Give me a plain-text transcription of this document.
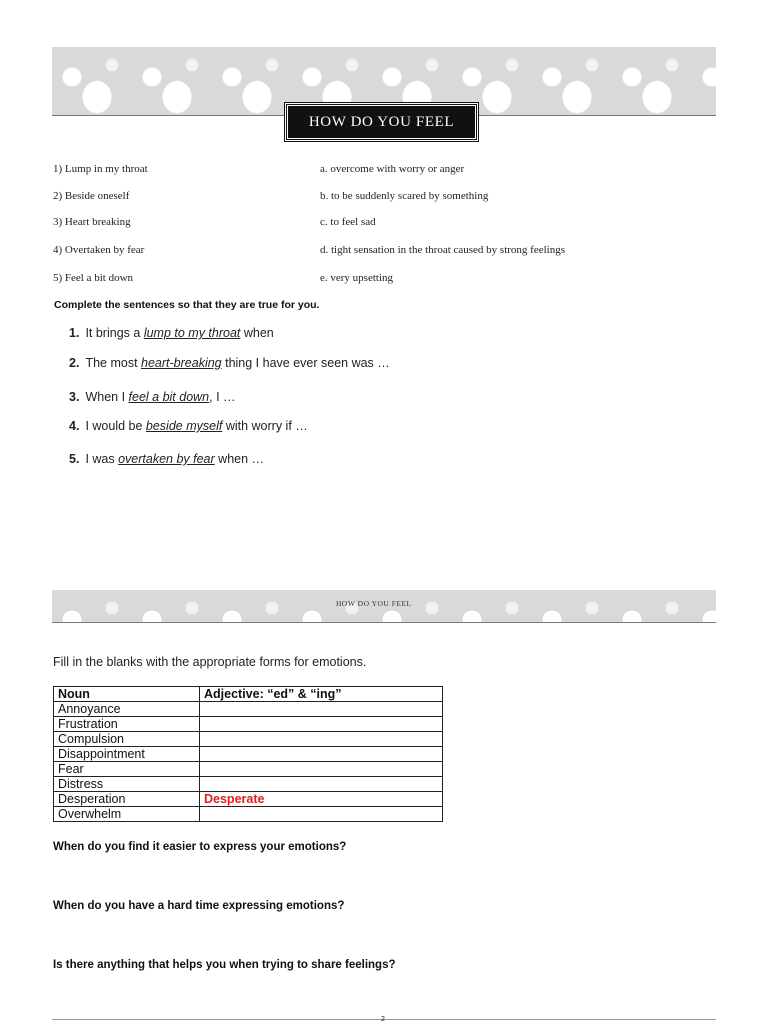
HOW DO YOU FEEL
1) Lump in my throat
2) Beside oneself
3) Heart breaking
4) Overtaken by fear
5) Feel a bit down
a. overcome with worry or anger
b. to be suddenly scared by something
c. to feel sad
d. tight sensation in the throat caused by strong feelings
e. very upsetting
Complete the sentences so that they are true for you.
1. It brings a lump to my throat when
2. The most heart-breaking thing I have ever seen was …
3. When I feel a bit down, I …
4. I would be beside myself with worry if …
5. I was overtaken by fear when …
HOW DO YOU FEEL
Fill in the blanks with the appropriate forms for emotions.
Noun	Adjective: “ed” & “ing”
Annoyance	
Frustration	
Compulsion	
Disappointment	
Fear	
Distress	
Desperation	Desperate
Overwhelm	
When do you find it easier to express your emotions?
When do you have a hard time expressing emotions?
Is there anything that helps you when trying to share feelings?
2
